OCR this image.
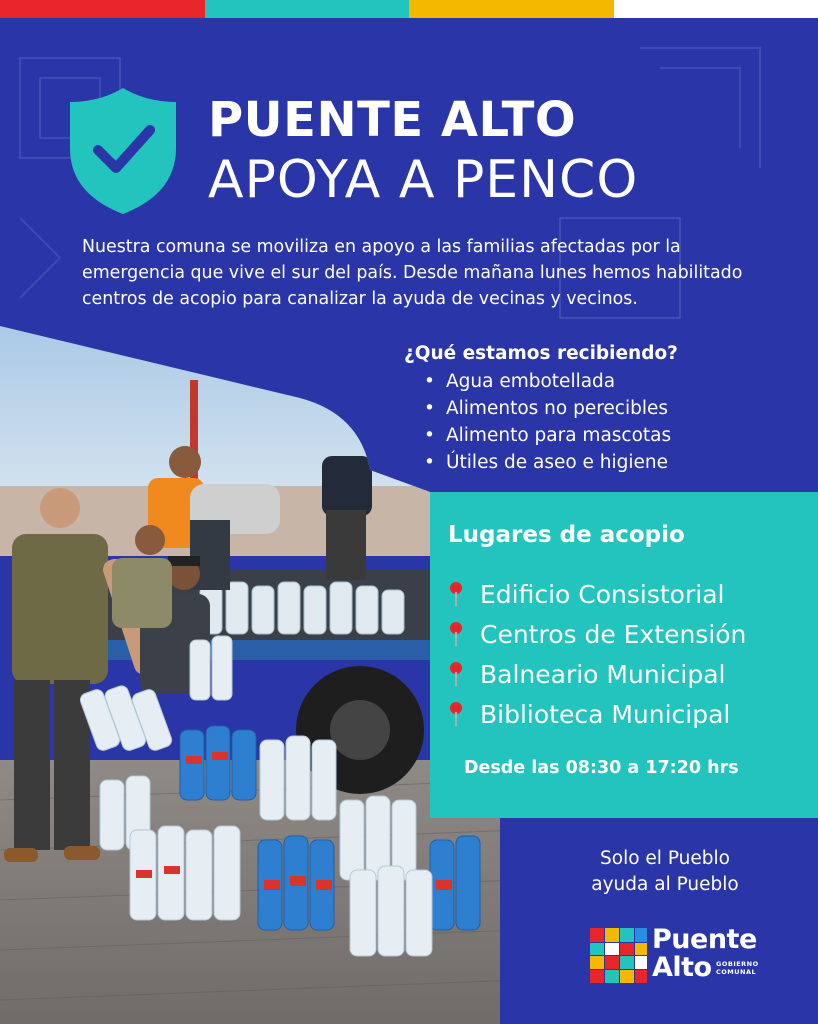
PUENTE ALTO
APOYA A PENCO

Nuestra comuna se moviliza en apoyo a las familias afectadas por la emergencia que vive el sur del país. Desde mañana lunes hemos habilitado centros de acopio para canalizar la ayuda de vecinas y vecinos.

¿Qué estamos recibiendo?
• Agua embotellada
• Alimentos no perecibles
• Alimento para mascotas
• Útiles de aseo e higiene
Lugares de acopio
Edificio Consistorial
Centros de Extensión
Balneario Municipal
Biblioteca Municipal
Desde las 08:30 a 17:20 hrs
Solo el Pueblo
ayuda al Pueblo
Puente
Alto GOBIERNO
COMUNAL
